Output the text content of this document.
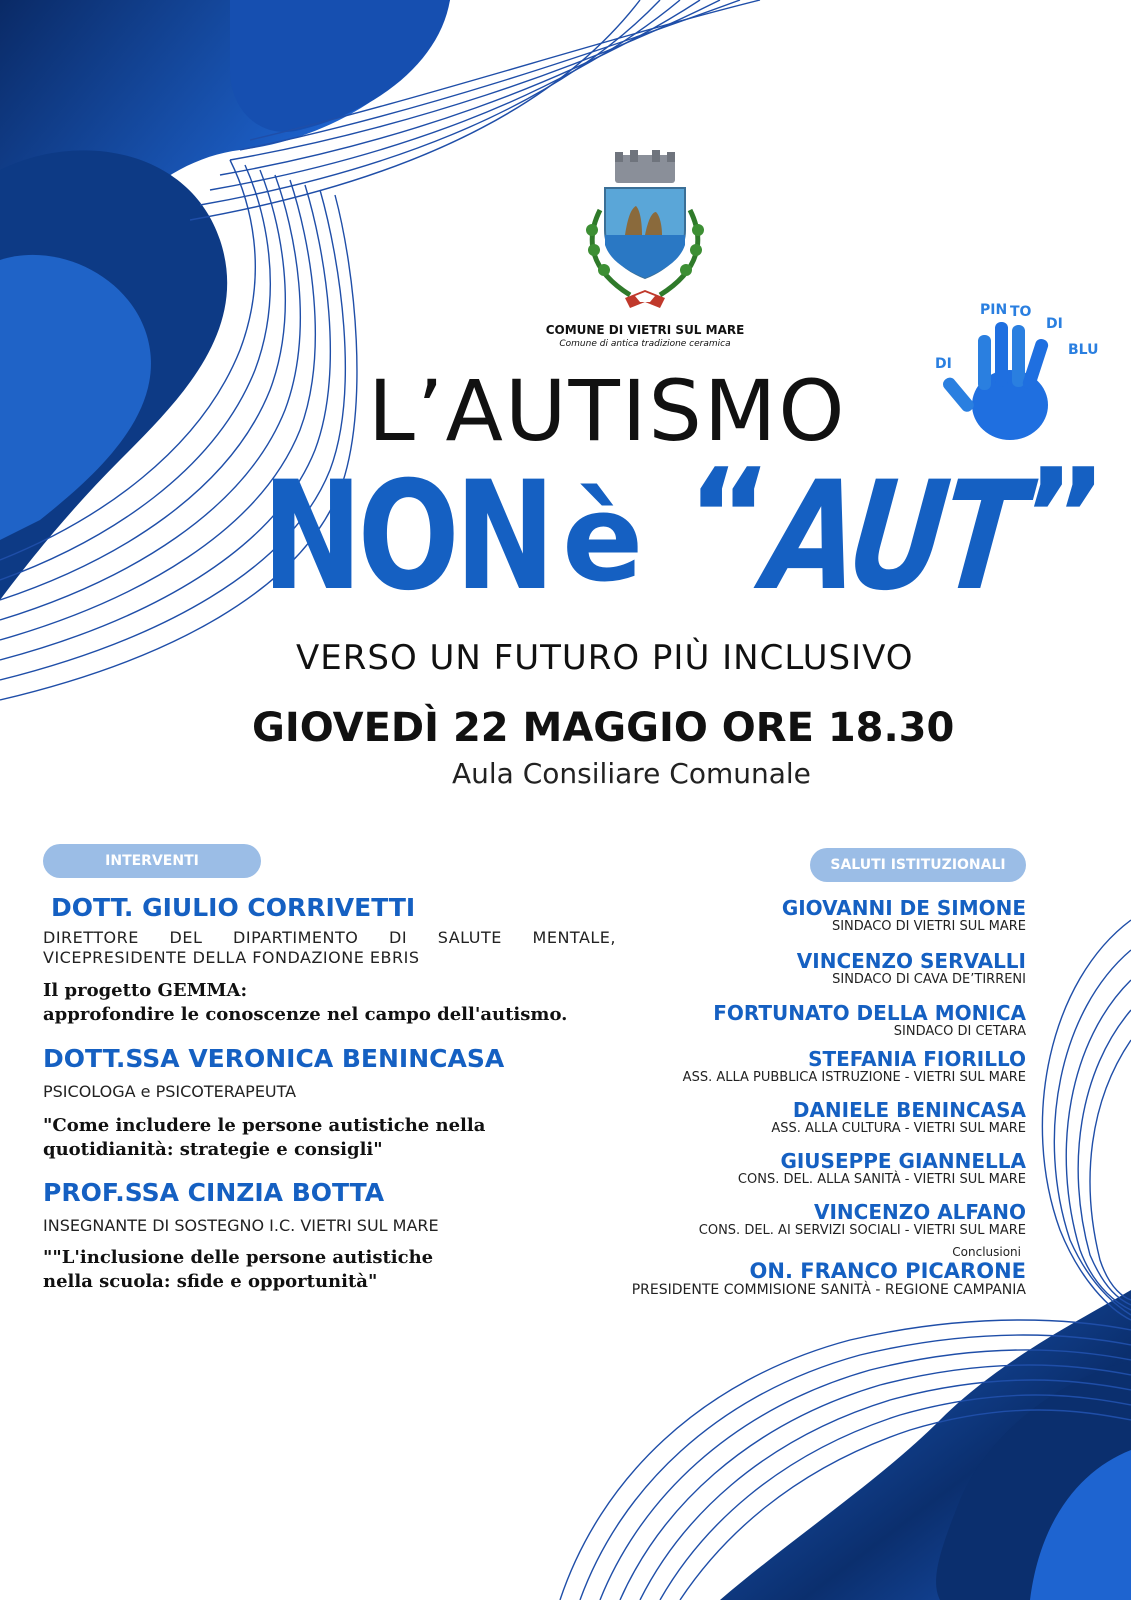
COMUNE DI VIETRI SUL MARE
Comune di antica tradizione ceramica
PIN TO
DI
BLU
DI
L’AUTISMO
NON è “
AUT
”
VERSO UN FUTURO PIÙ INCLUSIVO
GIOVEDÌ 22 MAGGIO ORE 18.30
Aula Consiliare Comunale
INTERVENTI
DOTT. GIULIO CORRIVETTI
DIRETTORE DEL DIPARTIMENTO DI SALUTE MENTALE,
VICEPRESIDENTE DELLA FONDAZIONE EBRIS
Il progetto GEMMA:
approfondire le conoscenze nel campo dell'autismo.
DOTT.SSA VERONICA BENINCASA
PSICOLOGA e PSICOTERAPEUTA
"Come includere le persone autistiche nella
quotidianità: strategie e consigli"
PROF.SSA CINZIA BOTTA
INSEGNANTE DI SOSTEGNO I.C. VIETRI SUL MARE
""L'inclusione delle persone autistiche
nella scuola: sfide e opportunità"
SALUTI ISTITUZIONALI
GIOVANNI DE SIMONE
SINDACO DI VIETRI SUL MARE
VINCENZO SERVALLI
SINDACO DI CAVA DE’TIRRENI
FORTUNATO DELLA MONICA
SINDACO DI CETARA
STEFANIA FIORILLO
ASS. ALLA PUBBLICA ISTRUZIONE - VIETRI SUL MARE
DANIELE BENINCASA
ASS. ALLA CULTURA - VIETRI SUL MARE
GIUSEPPE GIANNELLA
CONS. DEL. ALLA SANITÀ - VIETRI SUL MARE
VINCENZO ALFANO
CONS. DEL. AI SERVIZI SOCIALI - VIETRI SUL MARE
Conclusioni
ON. FRANCO PICARONE
PRESIDENTE COMMISIONE SANITÀ - REGIONE CAMPANIA
